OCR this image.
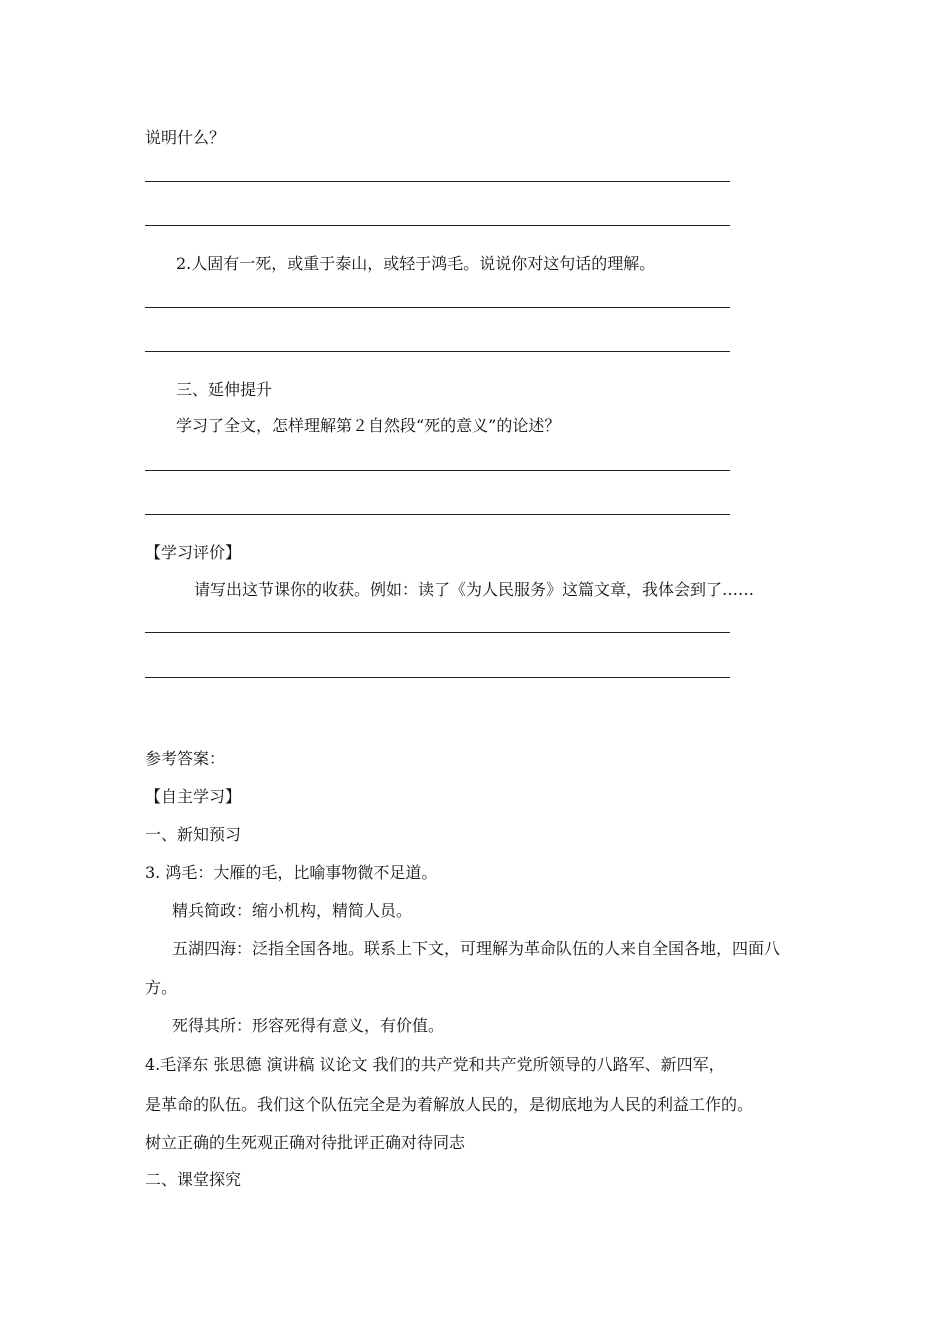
说明什么？
2.人固有一死，或重于泰山，或轻于鸿毛。说说你对这句话的理解。
三、延伸提升
学习了全文，怎样理解第２自然段“死的意义”的论述？
【学习评价】
请写出这节课你的收获。例如：读了《为人民服务》这篇文章，我体会到了……
参考答案：
【自主学习】
一、新知预习
3. 鸿毛：大雁的毛，比喻事物微不足道。
精兵简政：缩小机构，精简人员。
五湖四海：泛指全国各地。联系上下文，可理解为革命队伍的人来自全国各地，四面八
方。
死得其所：形容死得有意义，有价值。
4.毛泽东 张思德 演讲稿 议论文 我们的共产党和共产党所领导的八路军、新四军，
是革命的队伍。我们这个队伍完全是为着解放人民的，是彻底地为人民的利益工作的。
树立正确的生死观正确对待批评正确对待同志
二、课堂探究
